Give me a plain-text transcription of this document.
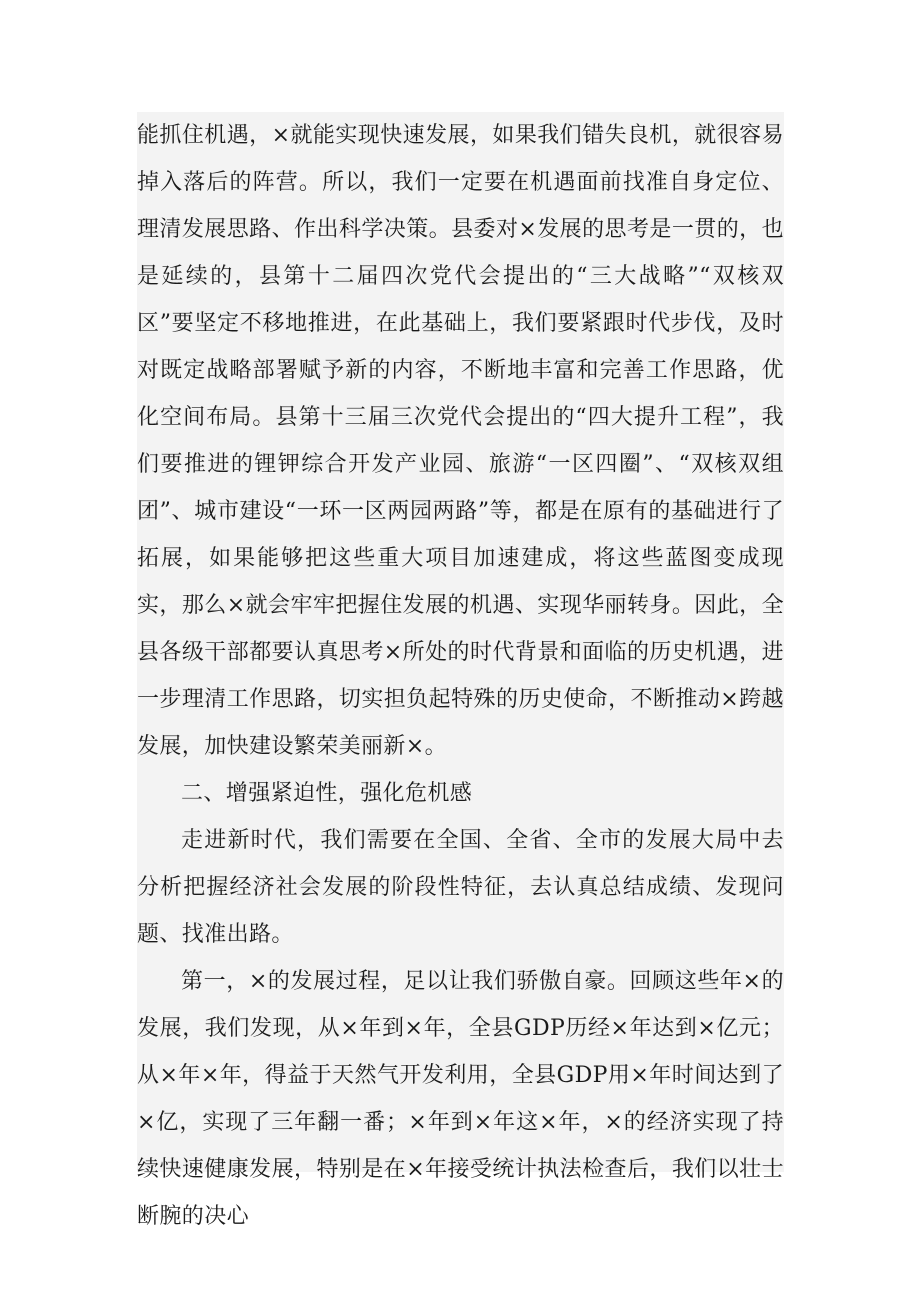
能抓住机遇，×就能实现快速发展，如果我们错失良机，就很容易掉入落后的阵营。所以，我们一定要在机遇面前找准自身定位、理清发展思路、作出科学决策。县委对×发展的思考是一贯的，也是延续的，县第十二届四次党代会提出的“三大战略”“双核双区”要坚定不移地推进，在此基础上，我们要紧跟时代步伐，及时对既定战略部署赋予新的内容，不断地丰富和完善工作思路，优化空间布局。县第十三届三次党代会提出的“四大提升工程”，我们要推进的锂钾综合开发产业园、旅游“一区四圈”、“双核双组团”、城市建设“一环一区两园两路”等，都是在原有的基础进行了拓展，如果能够把这些重大项目加速建成，将这些蓝图变成现实，那么×就会牢牢把握住发展的机遇、实现华丽转身。因此，全县各级干部都要认真思考×所处的时代背景和面临的历史机遇，进一步理清工作思路，切实担负起特殊的历史使命，不断推动×跨越发展，加快建设繁荣美丽新×。

二、增强紧迫性，强化危机感

走进新时代，我们需要在全国、全省、全市的发展大局中去分析把握经济社会发展的阶段性特征，去认真总结成绩、发现问题、找准出路。

第一，×的发展过程，足以让我们骄傲自豪。回顾这些年×的发展，我们发现，从×年到×年，全县GDP历经×年达到×亿元；从×年×年，得益于天然气开发利用，全县GDP用×年时间达到了×亿，实现了三年翻一番；×年到×年这×年，×的经济实现了持续快速健康发展，特别是在×年接受统计执法检查后，我们以壮士断腕的决心
